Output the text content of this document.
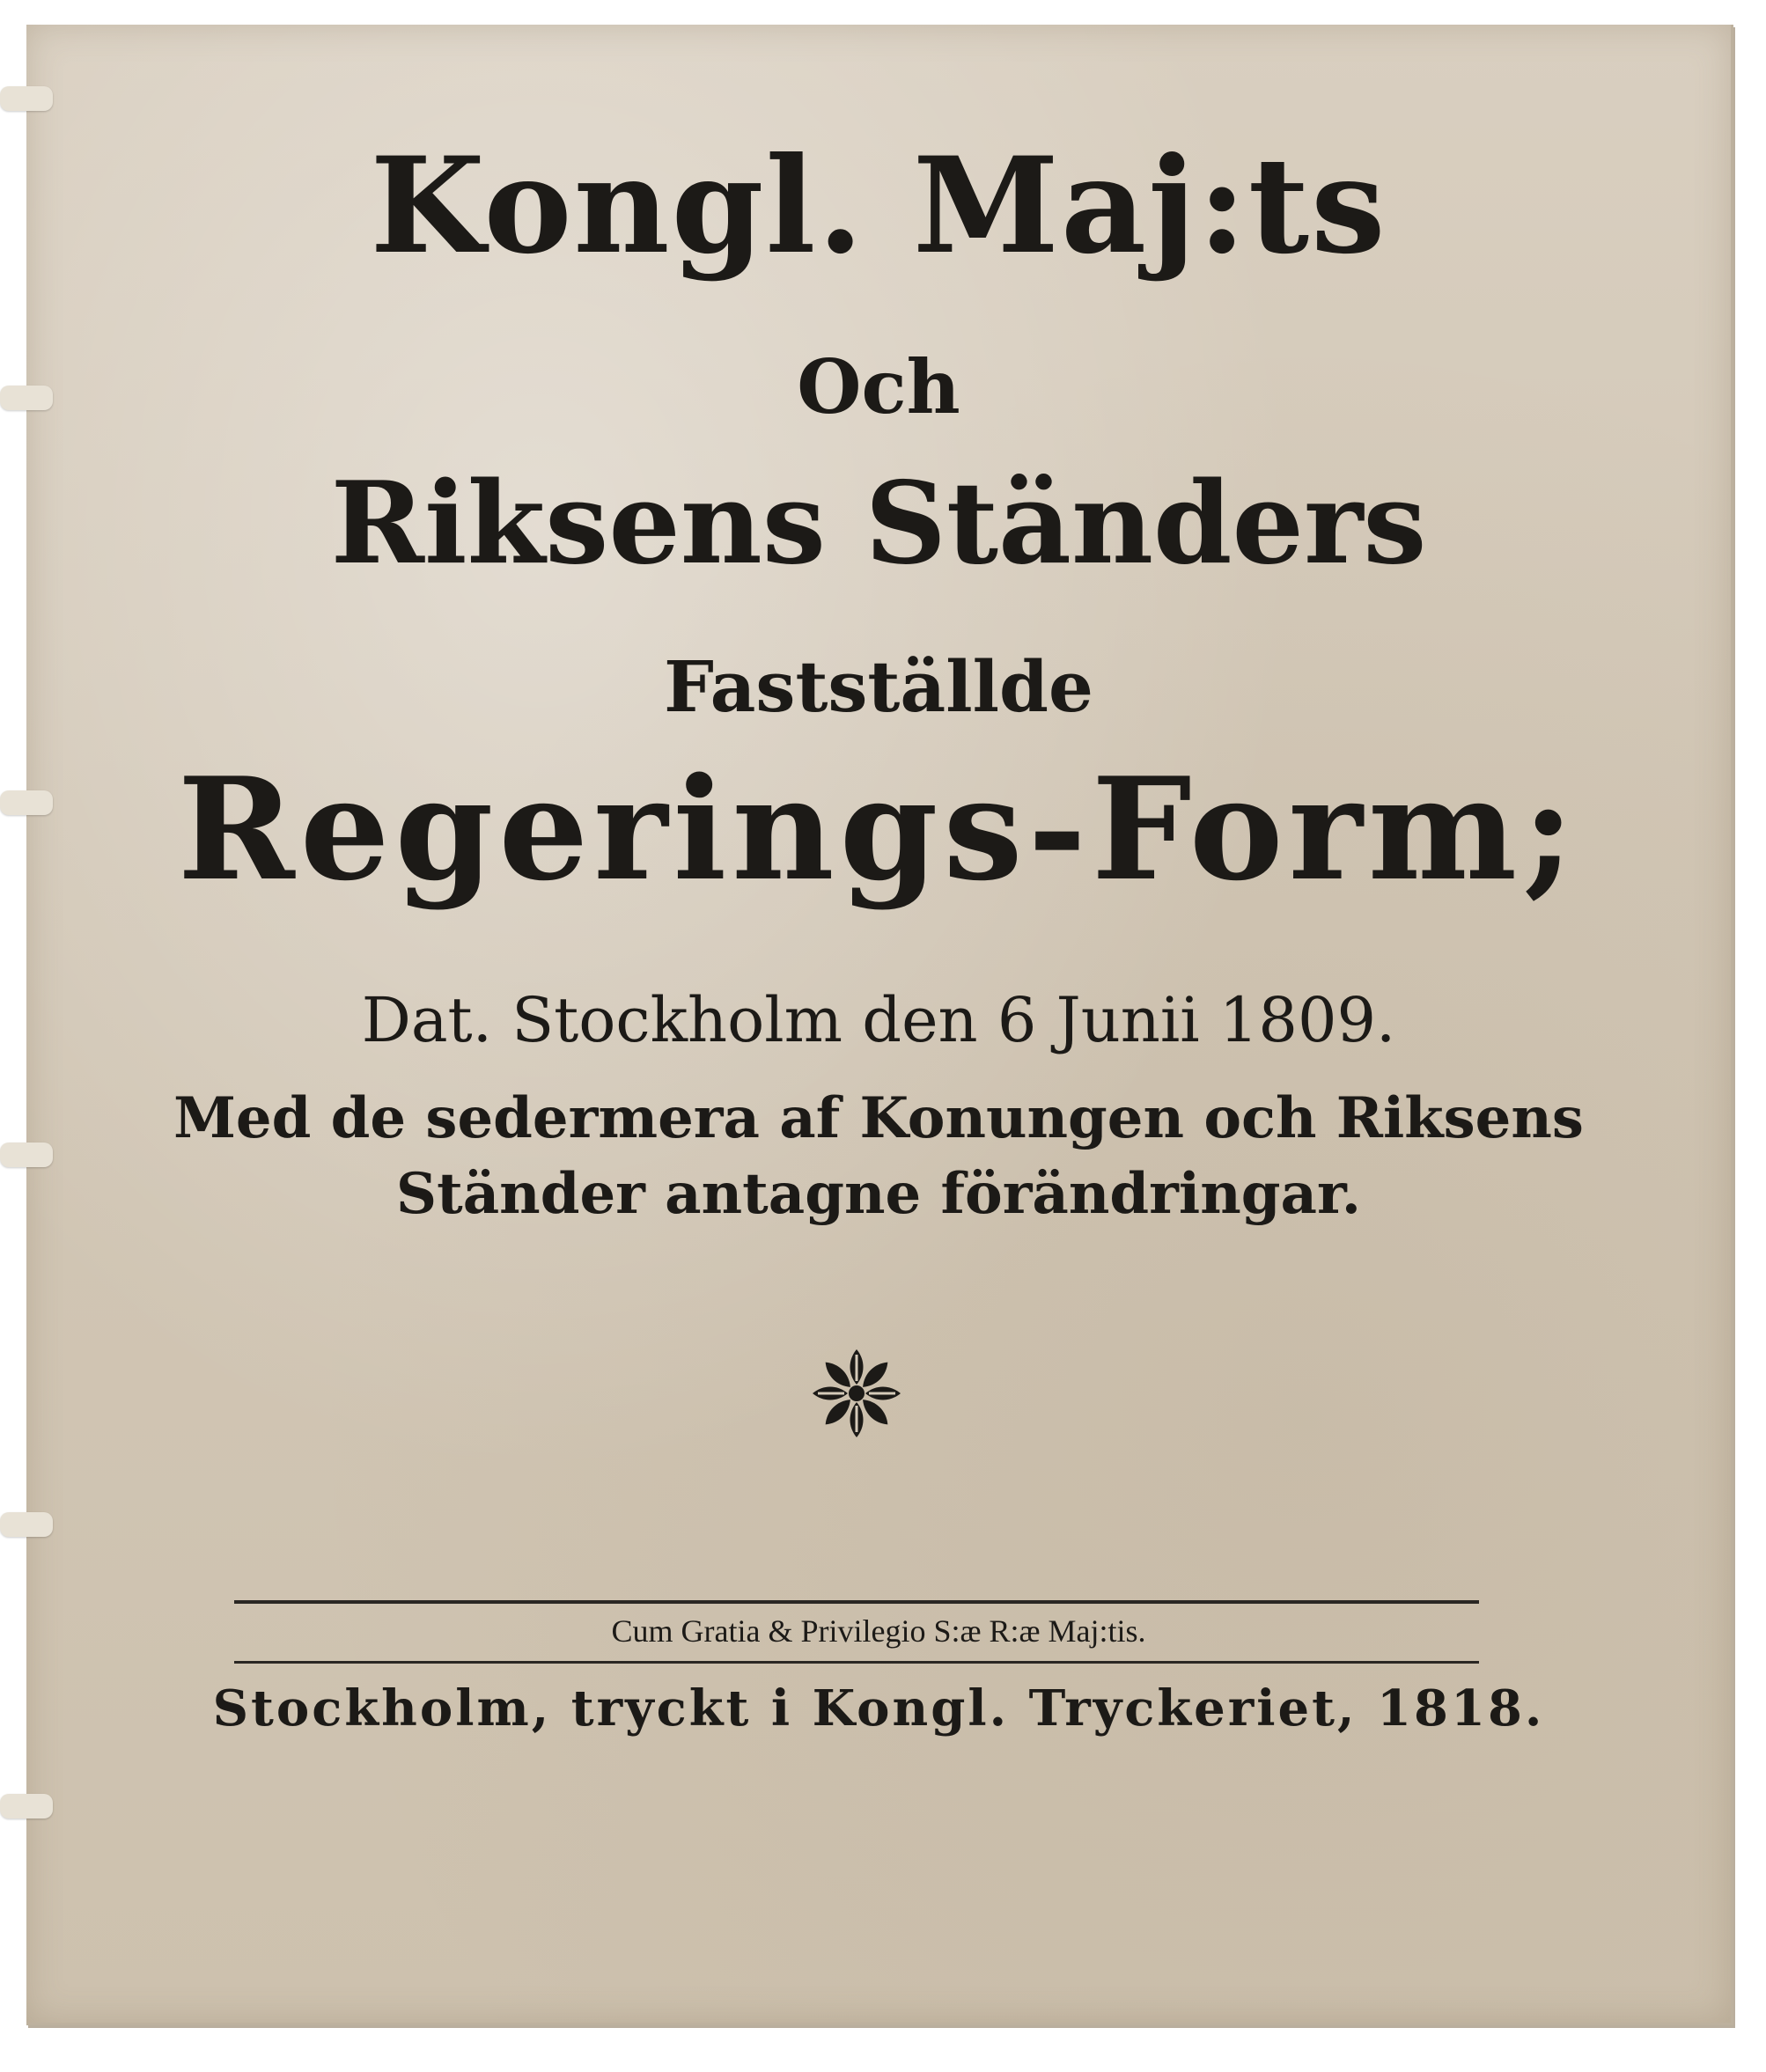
Kongl. Maj:ts
Och
Riksens Ständers
Fastställde
Regerings-Form;
Dat. Stockholm den 6 Junii 1809.
Med de sedermera af Konungen och Riksens Ständer antagne förändringar.
Cum Gratia & Privilegio S:æ R:æ Maj:tis.
Stockholm, tryckt i Kongl. Tryckeriet, 1818.
